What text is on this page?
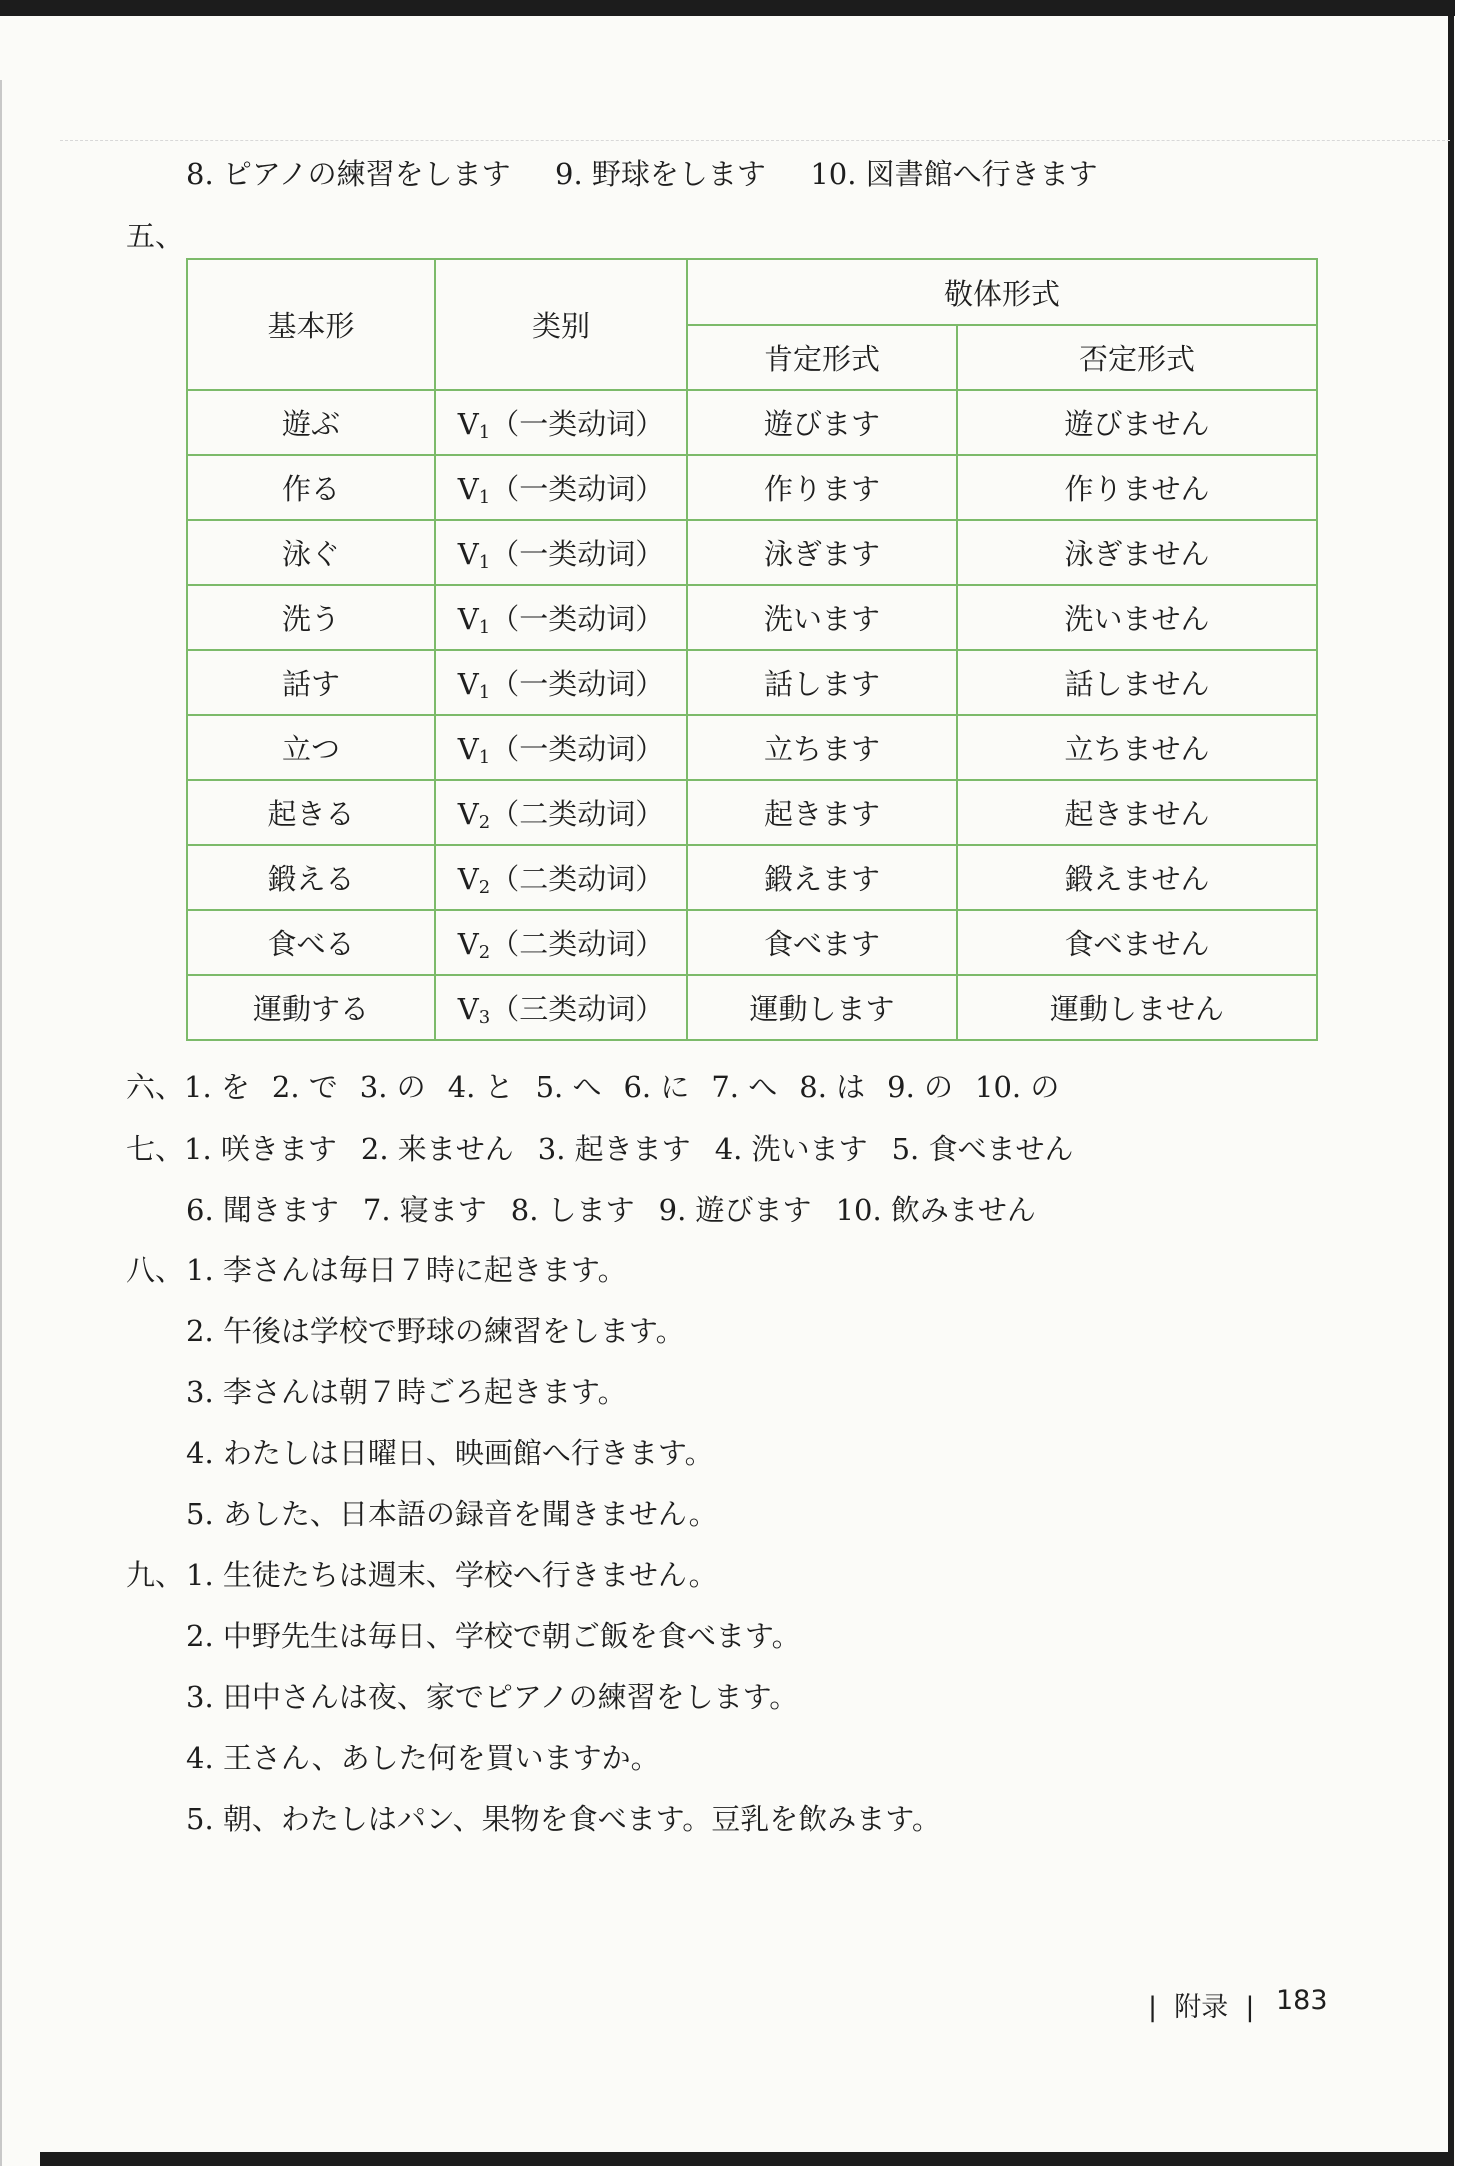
8. ピアノの練習をします 9. 野球をします 10. 図書館へ行きます
五、
基本形	类别	敬体形式	
		肯定形式	否定形式
遊ぶ	V1（一类动词）	遊びます	遊びません
作る	V1（一类动词）	作ります	作りません
泳ぐ	V1（一类动词）	泳ぎます	泳ぎません
洗う	V1（一类动词）	洗います	洗いません
話す	V1（一类动词）	話します	話しません
立つ	V1（一类动词）	立ちます	立ちません
起きる	V2（二类动词）	起きます	起きません
鍛える	V2（二类动词）	鍛えます	鍛えません
食べる	V2（二类动词）	食べます	食べません
運動する	V3（三类动词）	運動します	運動しません
六、1. を 2. で 3. の 4. と 5. へ 6. に 7. へ 8. は 9. の 10. の
七、1. 咲きます 2. 来ません 3. 起きます 4. 洗います 5. 食べません
6. 聞きます 7. 寝ます 8. します 9. 遊びます 10. 飲みません
八、 1. 李さんは毎日７時に起きます。
2. 午後は学校で野球の練習をします。
3. 李さんは朝７時ごろ起きます。
4. わたしは日曜日、映画館へ行きます。
5. あした、日本語の録音を聞きません。
九、 1. 生徒たちは週末、学校へ行きません。
2. 中野先生は毎日、学校で朝ご飯を食べます。
3. 田中さんは夜、家でピアノの練習をします。
4. 王さん、あした何を買いますか。
5. 朝、わたしはパン、果物を食べます。豆乳を飲みます。
|  附录  | 183
